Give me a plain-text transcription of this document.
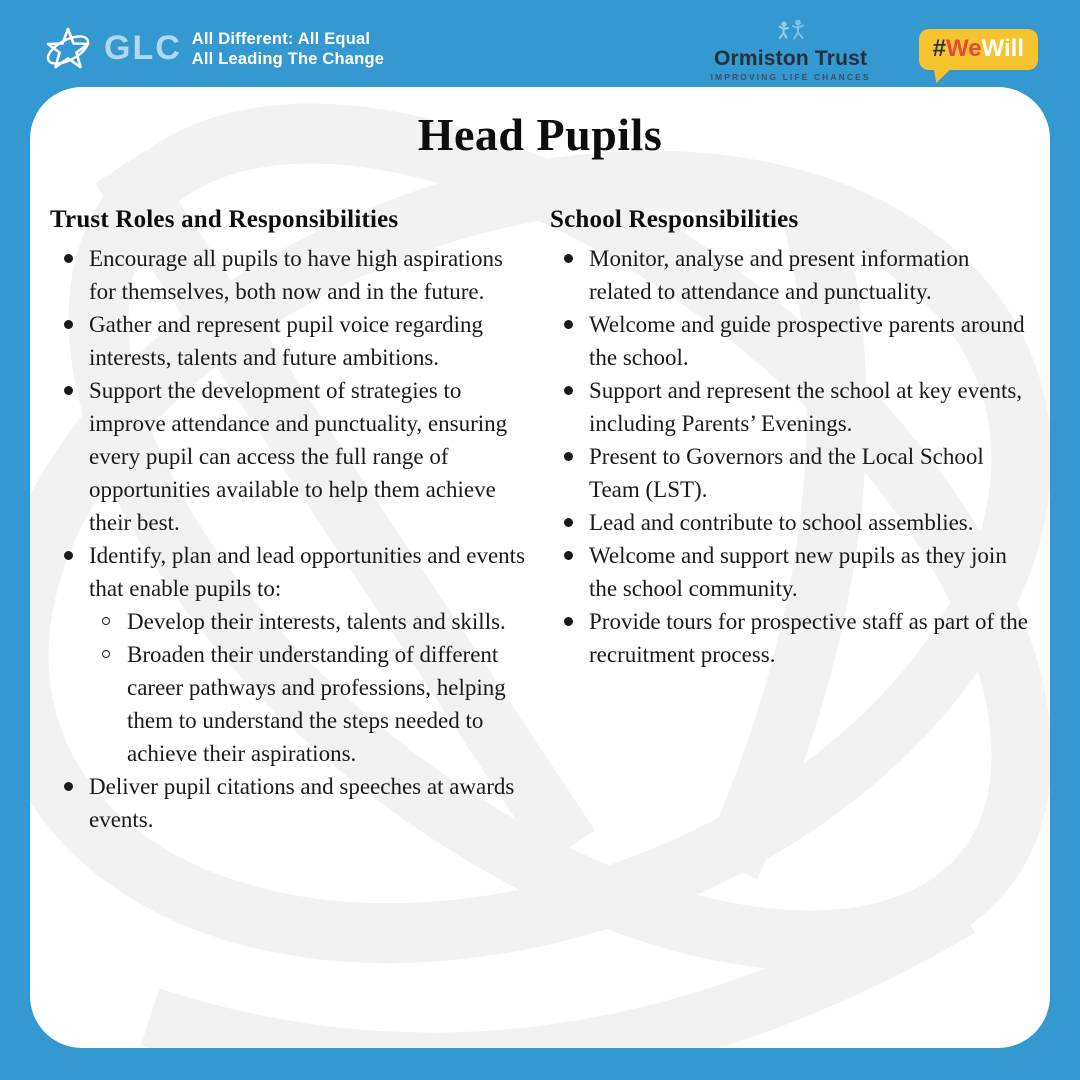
GLC All Different: All Equal
All Leading The Change	Ormiston Trust
IMPROVING LIFE CHANCES
#WeWill
Head Pupils
Trust Roles and Responsibilities
Encourage all pupils to have high aspirations for themselves, both now and in the future.
Gather and represent pupil voice regarding interests, talents and future ambitions.
Support the development of strategies to improve attendance and punctuality, ensuring every pupil can access the full range of opportunities available to help them achieve their best.
Identify, plan and lead opportunities and events that enable pupils to:
Develop their interests, talents and skills.
Broaden their understanding of different career pathways and professions, helping them to understand the steps needed to achieve their aspirations.
Deliver pupil citations and speeches at awards events.
School Responsibilities
Monitor, analyse and present information related to attendance and punctuality.
Welcome and guide prospective parents around the school.
Support and represent the school at key events, including Parents’ Evenings.
Present to Governors and the Local School Team (LST).
Lead and contribute to school assemblies.
Welcome and support new pupils as they join the school community.
Provide tours for prospective staff as part of the recruitment process.
